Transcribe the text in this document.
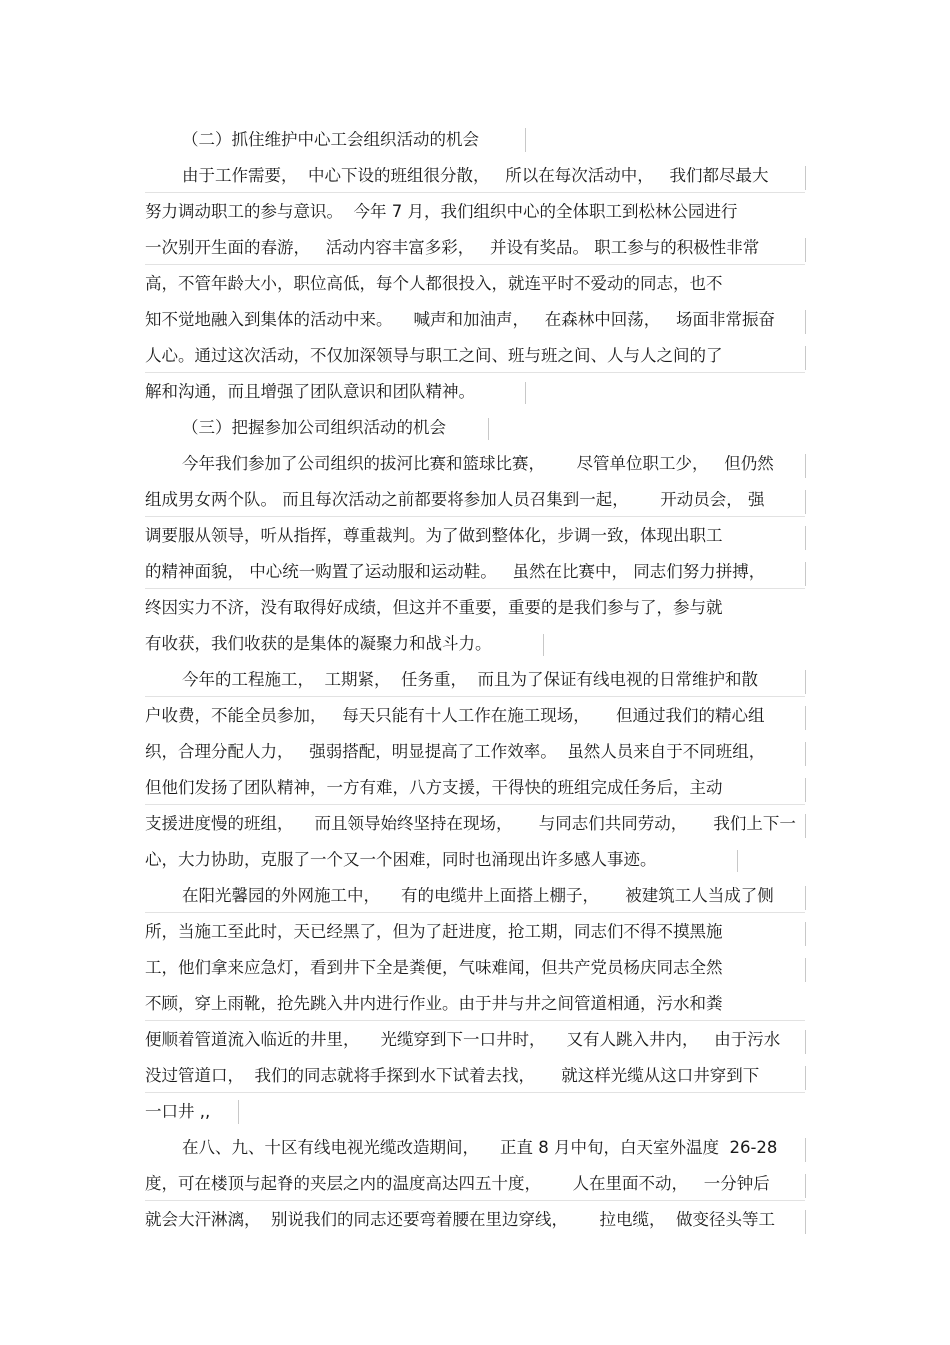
（二）抓住维护中心工会组织活动的机会
由于工作需要，  中心下设的班组很分散，   所以在每次活动中，   我们都尽最大
努力调动职工的参与意识。  今年 7 月，我们组织中心的全体职工到松林公园进行
一次别开生面的春游，   活动内容丰富多彩，   并设有奖品。 职工参与的积极性非常
高，不管年龄大小，职位高低，每个人都很投入，就连平时不爱动的同志，也不
知不觉地融入到集体的活动中来。    喊声和加油声，   在森林中回荡，   场面非常振奋
人心。通过这次活动，不仅加深领导与职工之间、班与班之间、人与人之间的了
解和沟通，而且增强了团队意识和团队精神。
（三）把握参加公司组织活动的机会
今年我们参加了公司组织的拔河比赛和篮球比赛，      尽管单位职工少，   但仍然
组成男女两个队。 而且每次活动之前都要将参加人员召集到一起，      开动员会， 强
调要服从领导，听从指挥，尊重裁判。为了做到整体化，步调一致，体现出职工
的精神面貌， 中心统一购置了运动服和运动鞋。   虽然在比赛中， 同志们努力拼搏，
终因实力不济，没有取得好成绩，但这并不重要，重要的是我们参与了，参与就
有收获，我们收获的是集体的凝聚力和战斗力。
今年的工程施工，  工期紧，  任务重，  而且为了保证有线电视的日常维护和散
户收费，不能全员参加，   每天只能有十人工作在施工现场，     但通过我们的精心组
织，合理分配人力，   强弱搭配，明显提高了工作效率。  虽然人员来自于不同班组，
但他们发扬了团队精神，一方有难，八方支援，干得快的班组完成任务后，主动
支援进度慢的班组，    而且领导始终坚持在现场，     与同志们共同劳动，     我们上下一
心，大力协助，克服了一个又一个困难，同时也涌现出许多感人事迹。
在阳光馨园的外网施工中，    有的电缆井上面搭上棚子，     被建筑工人当成了侧
所，当施工至此时，天已经黑了，但为了赶进度，抢工期，同志们不得不摸黑施
工，他们拿来应急灯，看到井下全是粪便，气味难闻，但共产党员杨庆同志全然
不顾，穿上雨靴，抢先跳入井内进行作业。由于井与井之间管道相通，污水和粪
便顺着管道流入临近的井里，    光缆穿到下一口井时，    又有人跳入井内，   由于污水
没过管道口，  我们的同志就将手探到水下试着去找，     就这样光缆从这口井穿到下
一口井 ,,
在八、九、十区有线电视光缆改造期间，    正直 8 月中旬，白天室外温度  26-28
度，可在楼顶与起脊的夹层之内的温度高达四五十度，      人在里面不动，   一分钟后
就会大汗淋漓，  别说我们的同志还要弯着腰在里边穿线，      拉电缆，  做变径头等工
